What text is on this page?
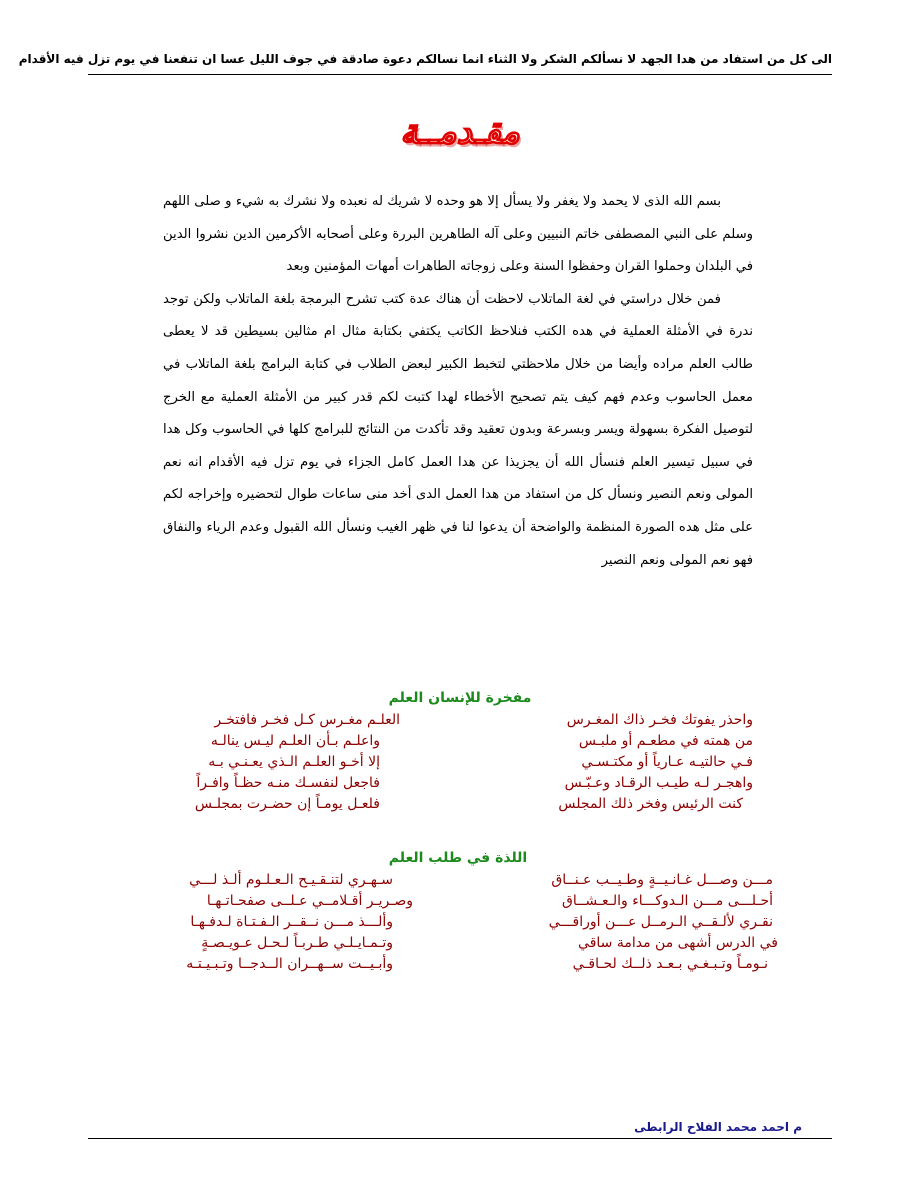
الى كل من استفاد من هدا الجهد لا نسألكم الشكر ولا الثناء انما نسالكم دعوة صادقة في جوف الليل عسا ان تنفعنا في يوم تزل فيه الأقدام
مقـدمــة

بسم الله الذى لا يحمد ولا يغفر ولا يسأل إلا هو وحده لا شريك له نعبده ولا نشرك به شيء و صلى اللهم وسلم على النبي المصطفى خاتم النبيين وعلى آله الطاهرين البررة وعلى أصحابه الأكرمين الدين نشروا الدين في البلدان وحملوا القران وحفظوا السنة وعلى زوجاته الطاهرات أمهات المؤمنين وبعد

فمن خلال دراستي في لغة الماتلاب لاحظت أن هناك عدة كتب تشرح البرمجة بلغة الماتلاب ولكن توجد ندرة في الأمثلة العملية في هده الكتب فنلاحظ الكاتب يكتفي بكتابة مثال ام مثالين بسيطين قد لا يعطى طالب العلم مراده وأيضا من خلال ملاحظتي لتخبط الكبير لبعض الطلاب في كتابة البرامج بلغة الماتلاب في معمل الحاسوب وعدم فهم كيف يتم تصحيح الأخطاء لهدا كتبت لكم قدر كبير من الأمثلة العملية مع الخرج لتوصيل الفكرة بسهولة ويسر وبسرعة وبدون تعقيد وقد تأكدت من النتائج للبرامج كلها في الحاسوب وكل هدا في سبيل تيسير العلم فنسأل الله أن يجزيذا عن هدا العمل كامل الجزاء في يوم تزل فيه الأقدام انه نعم المولى ونعم النصير ونسأل كل من استفاد من هدا العمل الدى أخد منى ساعات طوال لتحضيره وإخراجه لكم على مثل هده الصورة المنظمة والواضحة أن يدعوا لنا في ظهر الغيب ونسأل الله القبول وعدم الرياء والنفاق فهو نعم المولى ونعم النصير

مفخرة للإنسان العلم
العلـم مغـرس كـل فخـر فافتخـر	واحذر يفوتك فخـر ذاك المغـرس
واعلـم بـأن العلـم ليـس ينالـه	من همته في مطعـم أو ملبـس
إلا أخـو العلـم الـذي يعـنـي بـه	فـي حالتيـه عـارياً أو مكتـسـي
فاجعل لنفسـك منـه حظـاً وافـراً	واهجـر لـه طيـب الرقـاد وعـبّـس
فلعـل يومـاً إن حضـرت بمجلـس	كنت الرئيس وفخر ذلك المجلس
اللذة في طلب العلم
سـهـري لتنـقـيـح الـعـلـوم ألـذ لـــي	مـــن وصـــل غـانـيــةٍ وطـيــب عـنــاق
وصـريـر أقـلامــي عـلــى صفحـاتـهـا	أحـلـــى مـــن الـدوكـــاء والـعـشــاق
وألـــذ مـــن نــقــر الـفـتـاة لـدفـهـا	نقـري لألـقــي الـرمــل عـــن أوراقـــي
وتـمـايـلـي طـربـاً لـحـل عـويـصـةٍ	في الدرس أشهى من مدامة ساقي
وأبـيــت ســهــران الــدجــا وتـبـيـتـه	نـومـاً وتـبـغـي بـعـد ذلــك لحـاقـي
م احمد محمد الفلاح الرابطى
